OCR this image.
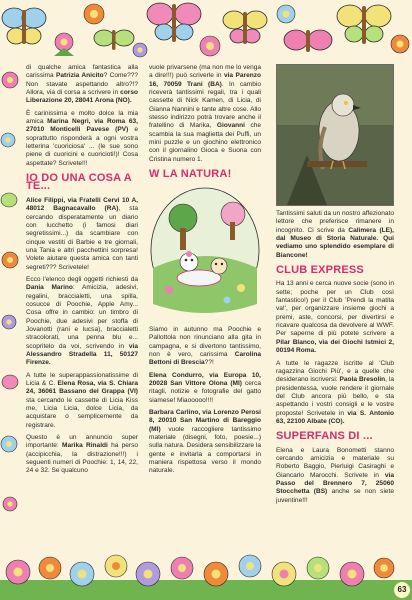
di qualche amica fantastica alla carissima Patrizia Anicito? Come??? Non stavate aspettando altro?!? Allora, via di corsa a scrivere in corso Liberazione 20, 28041 Arona (NO).

È carinissima e molto dolce la mia amica Marina Negri, via Roma 63, 27010 Monticelli Pavese (PV) e soprattutto risponderà a ogni vostra letterina 'cuoriciosa' ... (le sue sono piene di cuoricini e cuoricioti!)! Cosa aspettate? Scrivete!!!

IO DO UNA COSA A TE...

Alice Filippi, via Fratelli Cervi 10 A, 48012 Bagnacavallo (RA), sta cercando disperatamente un diario con lucchetto (i famosi diari segretissimi...) da scambiare con cinque vestiti di Barbie e tre giornali, una Tania e altri pacchettini sorpresa! Volete aiutare questa amica con tanti segreti??? Scrivetele!

Ecco l'elenco degli oggetti richiesti da Dania Marino: Amicizia, adesivi, regalini, braccialetti, una spilla, cosucce di Poochie, Apple Amy... Cosa offre in cambio: un timbro di Poochie, due adesivi per stoffa di Jovanotti (rani e lucsa), braccialetti stracolorati, una penna blu e... scopritelo da voi, scrivendo in via Alessandro Stradella 11, 50127 Firenze.

A tutte le superappassionatissime di Licia & C. Elena Rosa, via S. Chiara 24, 36061 Bassano del Grappa (VI) sta cercando le cassette di Licia Kiss me, Licia Licia, dolce Licia, da acquistare o semplicemente da registrare.

Questo è un annuncio super importante: Marika Rinaldi ha perso (accipicchia, la distrazione!!!) i seguenti numeri di Poochie: 1, 14, 22, 24 e 32. Se qualcuno

vuole privarsene (ma non me lo venga a dire!!!) può scriverle in via Parenzo 16, 70059 Trani (BA). In cambio riceverà tantissimi regali, tra i quali cassette di Nick Kamen, di Licia, di Gianna Nannini e tante altre cose. Allo stesso indirizzo potrà trovare anche il fratellino di Marika, Giovanni che scambia la sua maglietta dei Puffi, un mini puzzle e un giochino elettronico con il giornalino Gioca e Suona con Cristina numero 1.

W LA NATURA!

Siamo in autunno ma Poochie e Pallottola non rinunciano alla gita in campagna, e si divertono tantissimo, non è vero, carissima Carolina Bettoni di Brescia??!

Elena Condurro, via Europa 10, 20028 San Vittore Olona (MI) cerca ritagli, notizie e fotografie del gatto siamese! Miaooooo!!!!

Barbara Carlino, via Lorenzo Perosi 8, 20010 San Martino di Bareggio (MI) vuole raccogliere tantissimo materiale (disegni, foto, poesie...) sulla natura. Desidera sensibilizzare la gente e invitarla a comportarsi in maniera rispettosa verso il mondo naturale.

Tantissimi saluti da un nostro affezionato lettore che preferisce rimanere in incognito. Ci scrive da Calimera (LE), dal Museo di Storia Naturale. Qui vediamo uno splendido esemplare di Biancone!

CLUB EXPRESS

Ha 13 anni e cerca nuove socie (sono in sette; poche per un Club così fantastico!) per il Club 'Prendi la matita va!', per organizzare insieme giochi a premi, aste, concorsi, per divertirsi e ricavare qualcosa da devolvere al WWF. Per saperne di più potete scrivere a Pilar Blanco, via dei Giochi Istmici 2, 00194 Roma.

A tutte le ragazze iscritte al 'Club ragazzina Giochi Più', e a quelle che desiderano iscriversi: Paola Bresolin, la presidentessa, vuole rendere il giornale del Club ancora più bello, e sta aspettando i vostri consigli e le vostre proposte! Scrivetele in via S. Antonio 63, 22100 Albate (CO).

SUPERFANS DI ...

Elena e Laura Bonometti stanno cercando amicizia e materiale su Roberto Baggio, Pierluigi Casiraghi e Giancarlo Marocchi. Scrivete in via Passo del Brennero 7, 25060 Stocchetta (BS) anche se non siete juventine!!!

63
